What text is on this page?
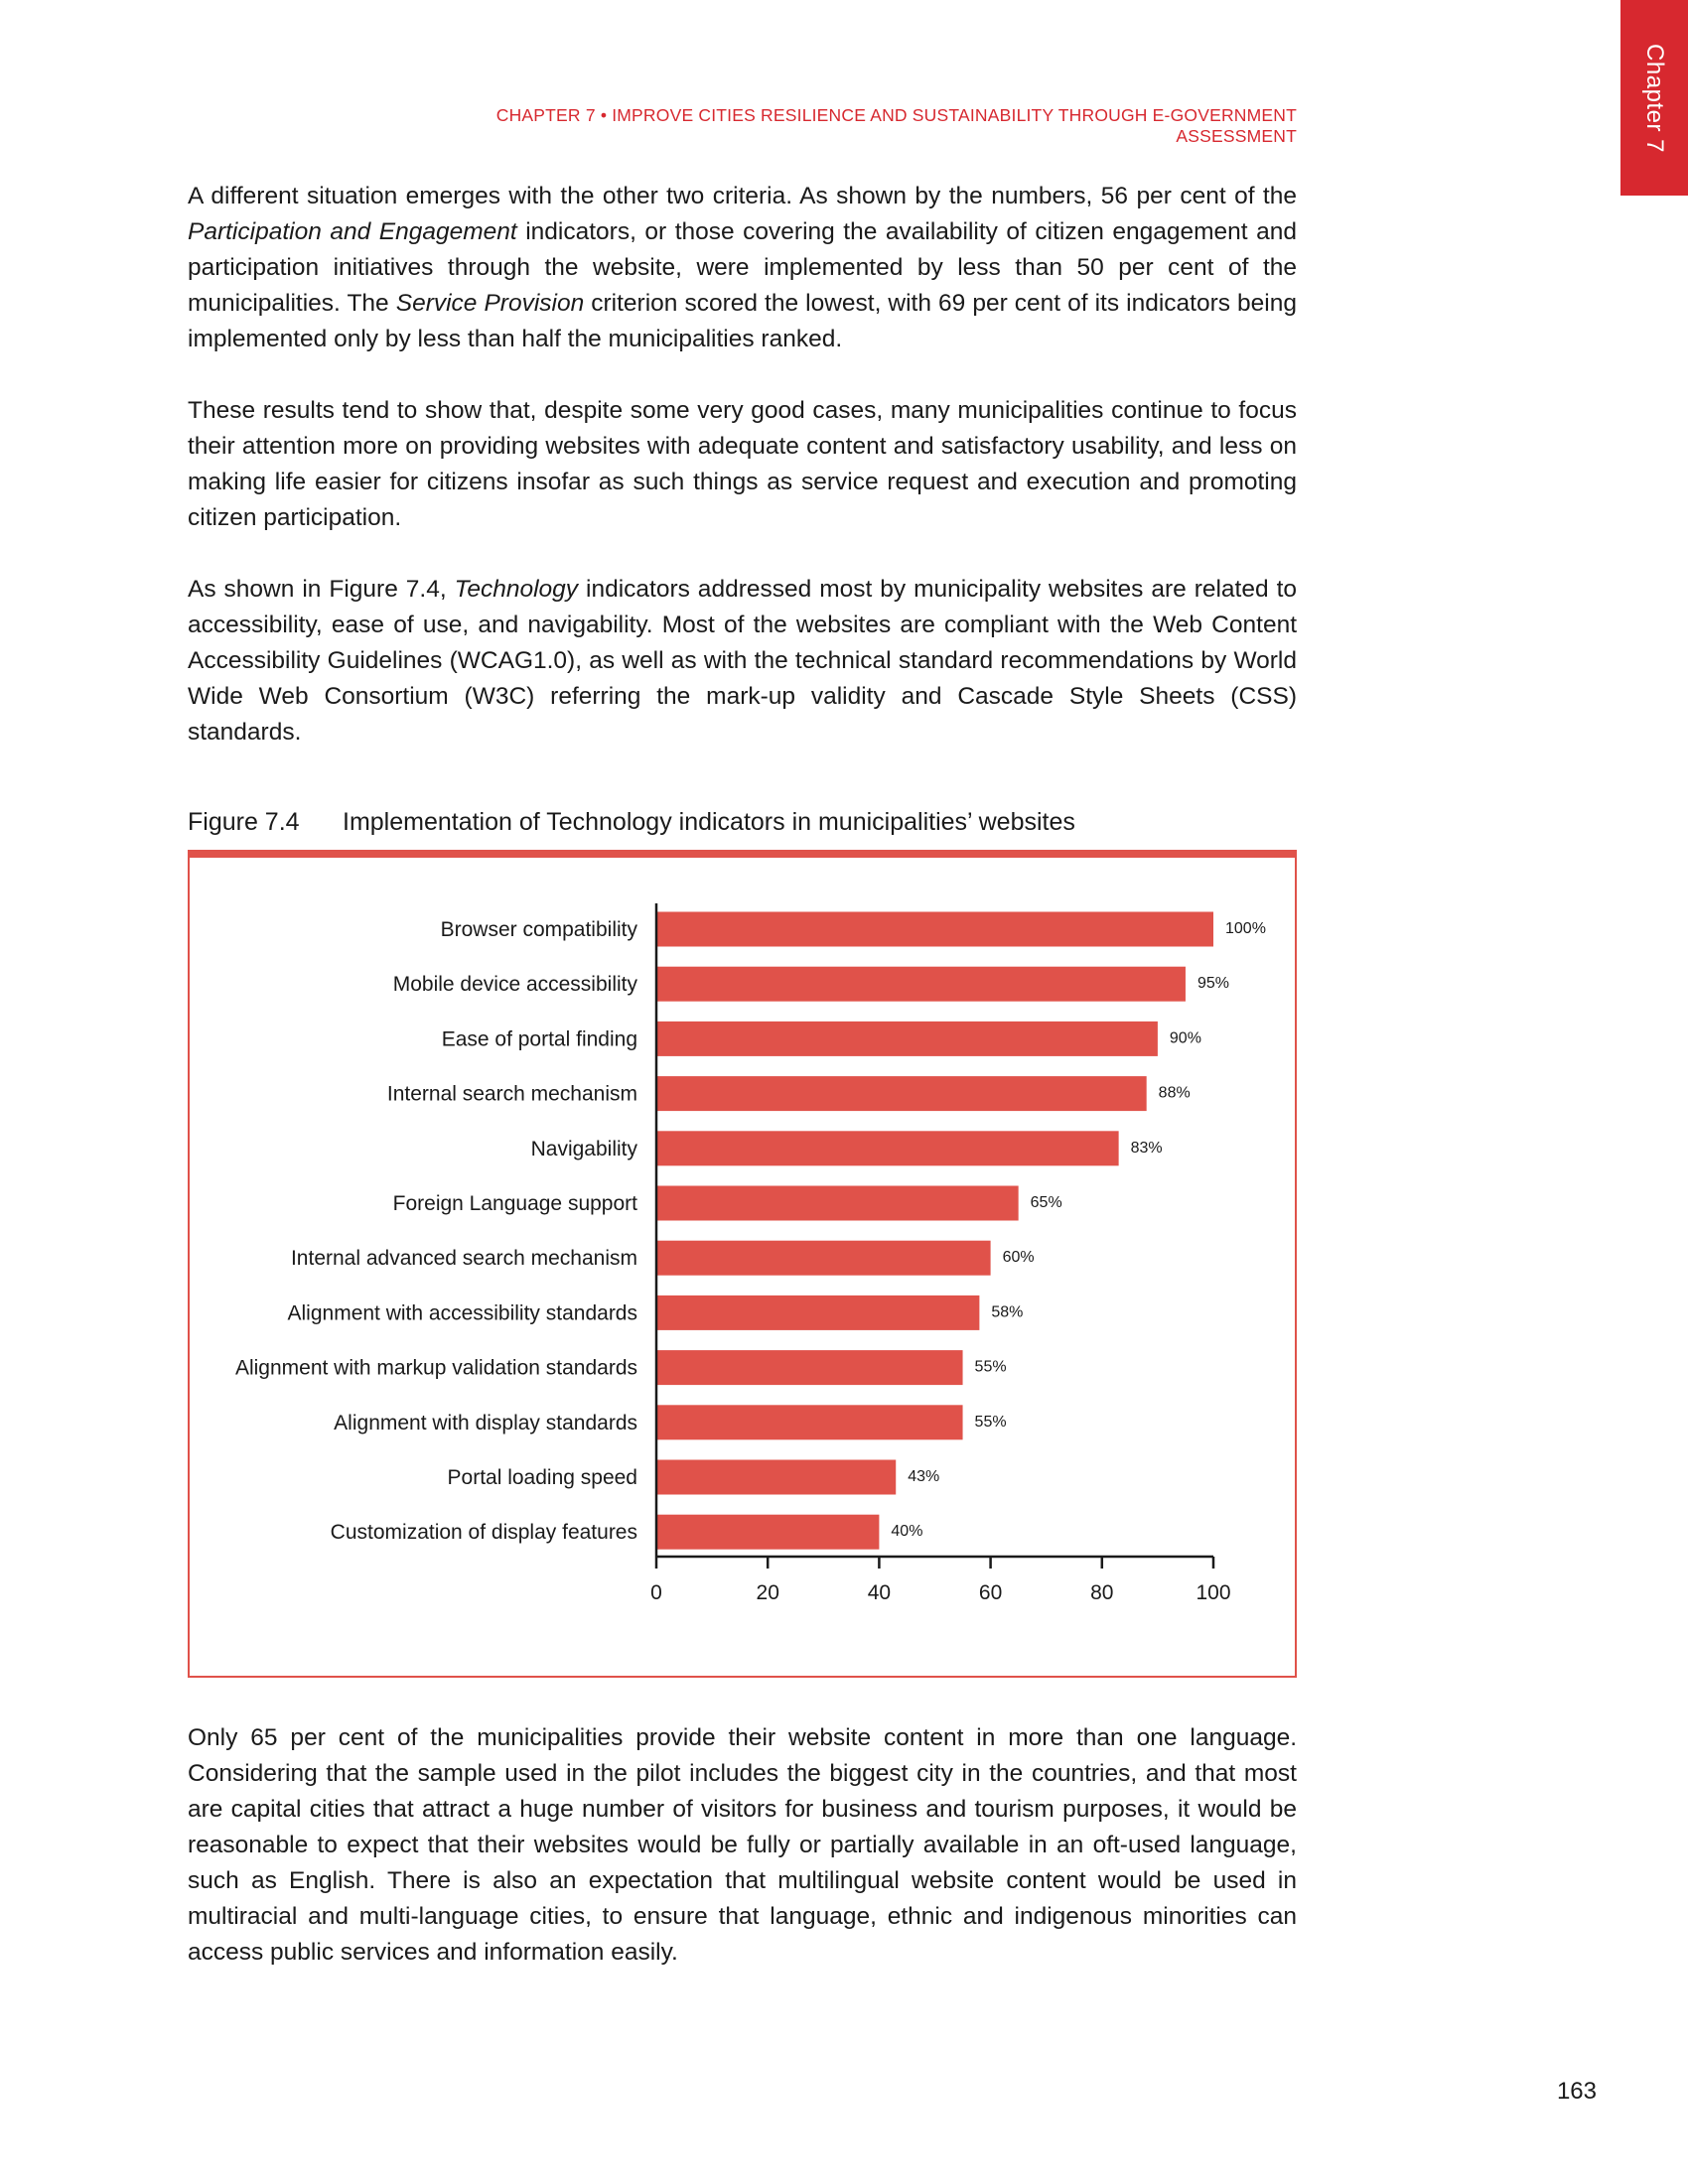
Chapter 7
CHAPTER 7 • IMPROVE CITIES RESILIENCE AND SUSTAINABILITY THROUGH E-GOVERNMENT ASSESSMENT

A different situation emerges with the other two criteria. As shown by the numbers, 56 per cent of the Participation and Engagement indicators, or those covering the availability of citizen engagement and participation initiatives through the website, were implemented by less than 50 per cent of the municipalities. The Service Provision criterion scored the lowest, with 69 per cent of its indicators being implemented only by less than half the municipalities ranked.

These results tend to show that, despite some very good cases, many municipalities continue to focus their attention more on providing websites with adequate content and satisfactory usability, and less on making life easier for citizens insofar as such things as service request and execution and promoting citizen participation.

As shown in Figure 7.4, Technology indicators addressed most by municipality websites are related to accessibility, ease of use, and navigability. Most of the websites are compliant with the Web Content Accessibility Guidelines (WCAG1.0), as well as with the technical standard recommendations by World Wide Web Consortium (W3C) referring the mark-up validity and Cascade Style Sheets (CSS) standards.

Figure 7.4 Implementation of Technology indicators in municipalities’ websites
Browser compatibility	100%
Mobile device accessibility	95%
Ease of portal finding	90%
Internal search mechanism	88%
Navigability	83%
Foreign Language support	65%
Internal advanced search mechanism	60%
Alignment with accessibility standards	58%
Alignment with markup validation standards	55%
Alignment with display standards	55%
Portal loading speed	43%
Customization of display features	40%
0	20	40	60	80	100

Only 65 per cent of the municipalities provide their website content in more than one language. Considering that the sample used in the pilot includes the biggest city in the countries, and that most are capital cities that attract a huge number of visitors for business and tourism purposes, it would be reasonable to expect that their websites would be fully or partially available in an oft-used language, such as English. There is also an expectation that multilingual website content would be used in multiracial and multi-language cities, to ensure that language, ethnic and indigenous minorities can access public services and information easily.

163
